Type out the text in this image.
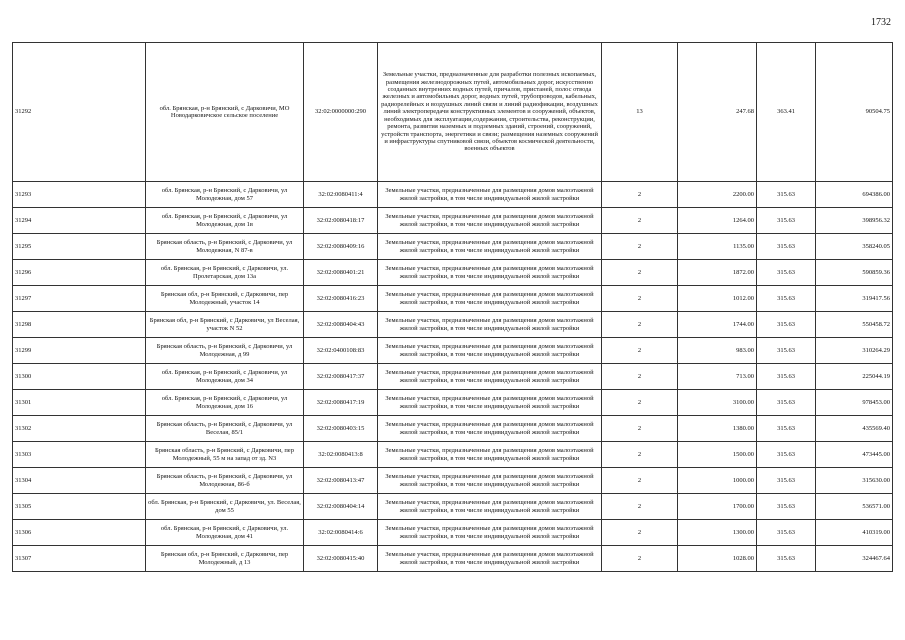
1732
31292	обл. Брянская, р-н Брянский, с Дарковичи, МО Новодарковичское сельское поселение	32:02:0000000:290	Земельные участки, предназначенные для разработки полезных ископаемых, размещения железнодорожных путей, автомобильных дорог, искусственно созданных внутренних водных путей, причалов, пристаней, полос отвода железных и автомобильных дорог, водных путей, трубопроводов, кабельных, радиорелейных и воздушных линий связи и линий радиофикации, воздушных линий электропередачи конструктивных элементов и сооружений, объектов, необходимых для эксплуатации,содержания, строительства, реконструкции, ремонта, развития наземных и подземных зданий, строений, сооружений, устройств транспорта, энергетики и связи; размещения наземных сооружений и инфраструктуры спутниковой связи, объектов космической деятельности, военных объектов	13	247.68	363.41	90504.75
31293	обл. Брянская, р-н Брянский, с Дарковичи, ул Молодежная, дом 57	32:02:0080411:4	Земельные участки, предназначенные для размещения домов малоэтажной жилой застройки, в том числе индивидуальной жилой застройки	2	2200.00	315.63	694386.00
31294	обл. Брянская, р-н Брянский, с Дарковичи, ул Молодежная, дом 1в	32:02:0080418:17	Земельные участки, предназначенные для размещения домов малоэтажной жилой застройки, в том числе индивидуальной жилой застройки	2	1264.00	315.63	398956.32
31295	Брянская область, р-н Брянский, с Дарковичи, ул Молодежная, N 87-в	32:02:0080409:16	Земельные участки, предназначенные для размещения домов малоэтажной жилой застройки, в том числе индивидуальной жилой застройки	2	1135.00	315.63	358240.05
31296	обл. Брянская, р-н Брянский, с Дарковичи, ул. Пролетарская, дом 13а	32:02:0080401:21	Земельные участки, предназначенные для размещения домов малоэтажной жилой застройки, в том числе индивидуальной жилой застройки	2	1872.00	315.63	590859.36
31297	Брянская обл, р-н Брянский, с Дарковичи, пер Молодежный, участок 14	32:02:0080416:23	Земельные участки, предназначенные для размещения домов малоэтажной жилой застройки, в том числе индивидуальной жилой застройки	2	1012.00	315.63	319417.56
31298	Брянская обл, р-н Брянский, с Дарковичи, ул Веселая, участок N 52	32:02:0080404:43	Земельные участки, предназначенные для размещения домов малоэтажной жилой застройки, в том числе индивидуальной жилой застройки	2	1744.00	315.63	550458.72
31299	Брянская область, р-н Брянский, с Дарковичи, ул Молодежная, д 99	32:02:0400108:83	Земельные участки, предназначенные для размещения домов малоэтажной жилой застройки, в том числе индивидуальной жилой застройки	2	983.00	315.63	310264.29
31300	обл. Брянская, р-н Брянский, с Дарковичи, ул Молодежная, дом 34	32:02:0080417:37	Земельные участки, предназначенные для размещения домов малоэтажной жилой застройки, в том числе индивидуальной жилой застройки	2	713.00	315.63	225044.19
31301	обл. Брянская, р-н Брянский, с Дарковичи, ул Молодежная, дом 16	32:02:0080417:19	Земельные участки, предназначенные для размещения домов малоэтажной жилой застройки, в том числе индивидуальной жилой застройки	2	3100.00	315.63	978453.00
31302	Брянская область, р-н Брянский, с Дарковичи, ул Веселая, 85/1	32:02:0080403:15	Земельные участки, предназначенные для размещения домов малоэтажной жилой застройки, в том числе индивидуальной жилой застройки	2	1380.00	315.63	435569.40
31303	Брянская область, р-н Брянский, с Дарковичи, пер Молодежный, 55 м на запад от зд. N3	32:02:0080413:8	Земельные участки, предназначенные для размещения домов малоэтажной жилой застройки, в том числе индивидуальной жилой застройки	2	1500.00	315.63	473445.00
31304	Брянская область, р-н Брянский, с Дарковичи, ул Молодежная, 86-б	32:02:0080413:47	Земельные участки, предназначенные для размещения домов малоэтажной жилой застройки, в том числе индивидуальной жилой застройки	2	1000.00	315.63	315630.00
31305	обл. Брянская, р-н Брянский, с Дарковичи, ул. Веселая, дом 55	32:02:0080404:14	Земельные участки, предназначенные для размещения домов малоэтажной жилой застройки, в том числе индивидуальной жилой застройки	2	1700.00	315.63	536571.00
31306	обл. Брянская, р-н Брянский, с Дарковичи, ул. Молодежная, дом 41	32:02:0080414:6	Земельные участки, предназначенные для размещения домов малоэтажной жилой застройки, в том числе индивидуальной жилой застройки	2	1300.00	315.63	410319.00
31307	Брянская обл, р-н Брянский, с Дарковичи, пер Молодежный, д 13	32:02:0080415:40	Земельные участки, предназначенные для размещения домов малоэтажной жилой застройки, в том числе индивидуальной жилой застройки	2	1028.00	315.63	324467.64
